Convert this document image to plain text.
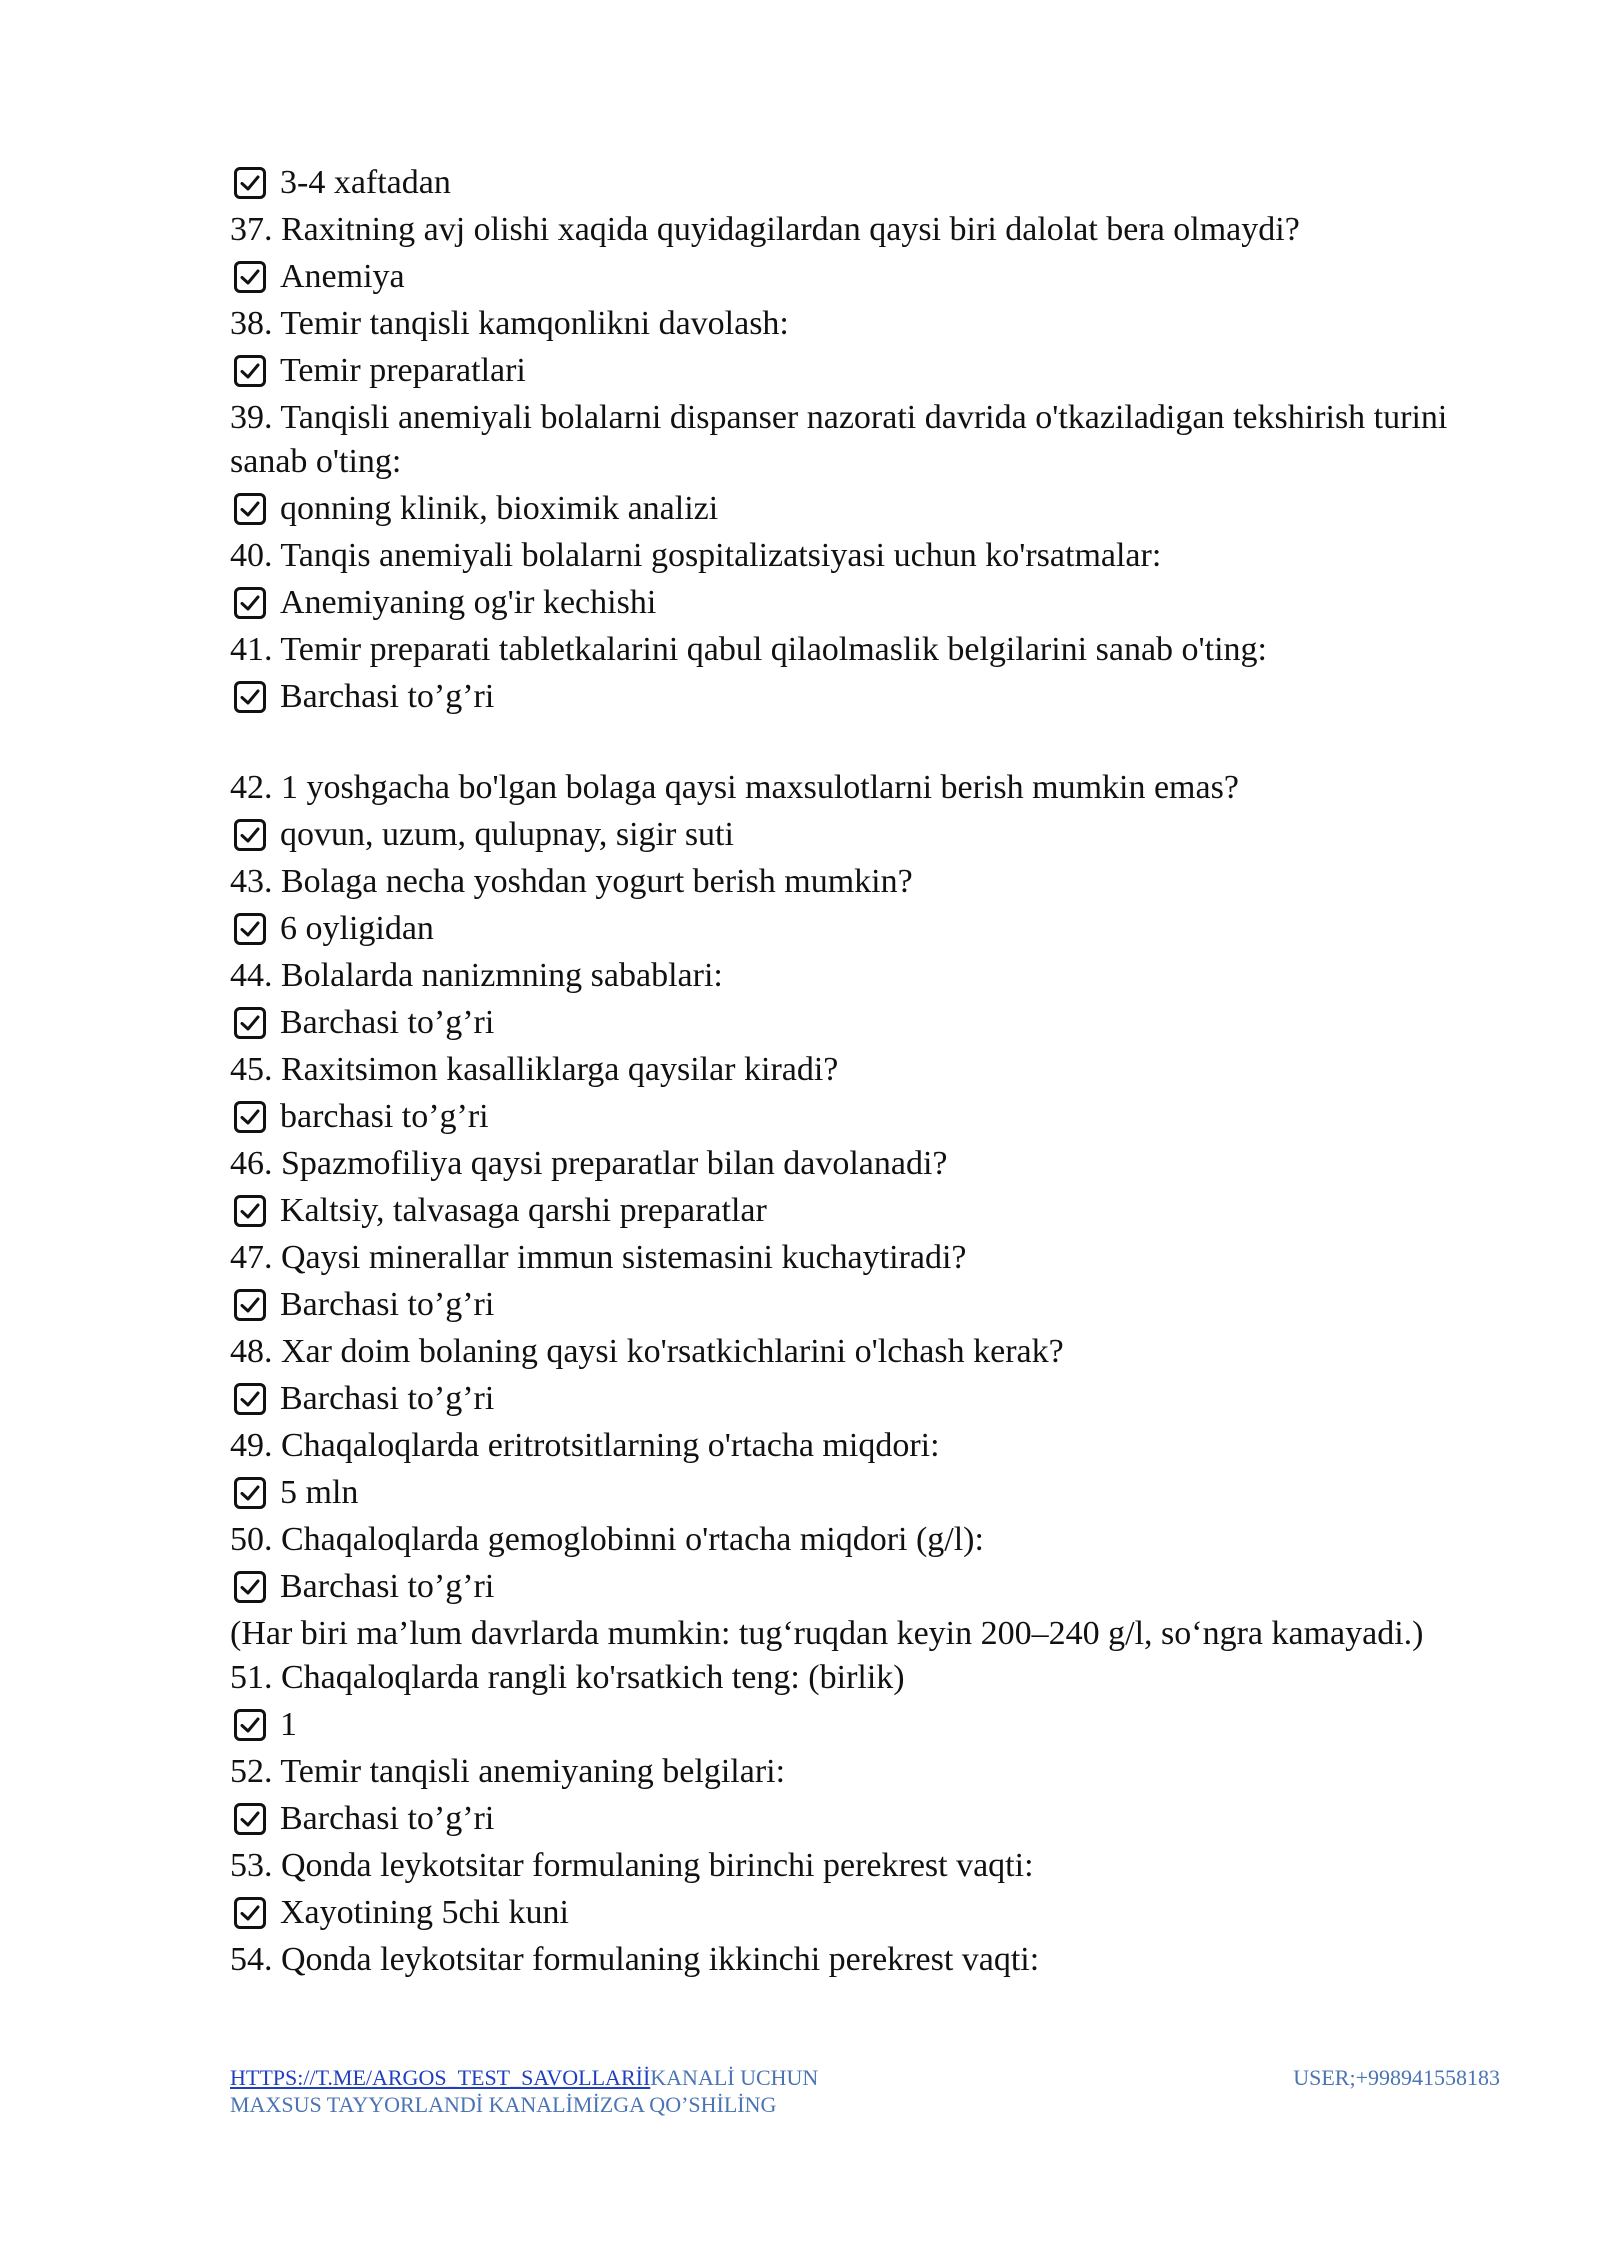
3-4 xaftadan

37. Raxitning avj olishi xaqida quyidagilardan qaysi biri dalolat bera olmaydi?

Anemiya

38. Temir tanqisli kamqonlikni davolash:

Temir preparatlari

39. Tanqisli anemiyali bolalarni dispanser nazorati davrida o'tkaziladigan tekshirish turini sanab o'ting:

qonning klinik, bioximik analizi

40. Tanqis anemiyali bolalarni gospitalizatsiyasi uchun ko'rsatmalar:

Anemiyaning og'ir kechishi

41. Temir preparati tabletkalarini qabul qilaolmaslik belgilarini sanab o'ting:

Barchasi to’g’ri

42. 1 yoshgacha bo'lgan bolaga qaysi maxsulotlarni berish mumkin emas?

qovun, uzum, qulupnay, sigir suti

43. Bolaga necha yoshdan yogurt berish mumkin?

6 oyligidan

44. Bolalarda nanizmning sabablari:

Barchasi to’g’ri

45. Raxitsimon kasalliklarga qaysilar kiradi?

barchasi to’g’ri

46. Spazmofiliya qaysi preparatlar bilan davolanadi?

Kaltsiy, talvasaga qarshi preparatlar

47. Qaysi minerallar immun sistemasini kuchaytiradi?

Barchasi to’g’ri

48. Xar doim bolaning qaysi ko'rsatkichlarini o'lchash kerak?

Barchasi to’g’ri

49. Chaqaloqlarda eritrotsitlarning o'rtacha miqdori:

5 mln

50. Chaqaloqlarda gemoglobinni o'rtacha miqdori (g/l):

Barchasi to’g’ri

(Har biri ma’lum davrlarda mumkin: tug‘ruqdan keyin 200–240 g/l, so‘ngra kamayadi.)

51. Chaqaloqlarda rangli ko'rsatkich teng: (birlik)

1

52. Temir tanqisli anemiyaning belgilari:

Barchasi to’g’ri

53. Qonda leykotsitar formulaning birinchi perekrest vaqti:

Xayotining 5chi kuni

54. Qonda leykotsitar formulaning ikkinchi perekrest vaqti:

HTTPS://T.ME/ARGOS_TEST_SAVOLLARİİKANALİ UCHUN MAXSUS TAYYORLANDİ KANALİMİZGA QO’SHİLİNG
USER;+998941558183
